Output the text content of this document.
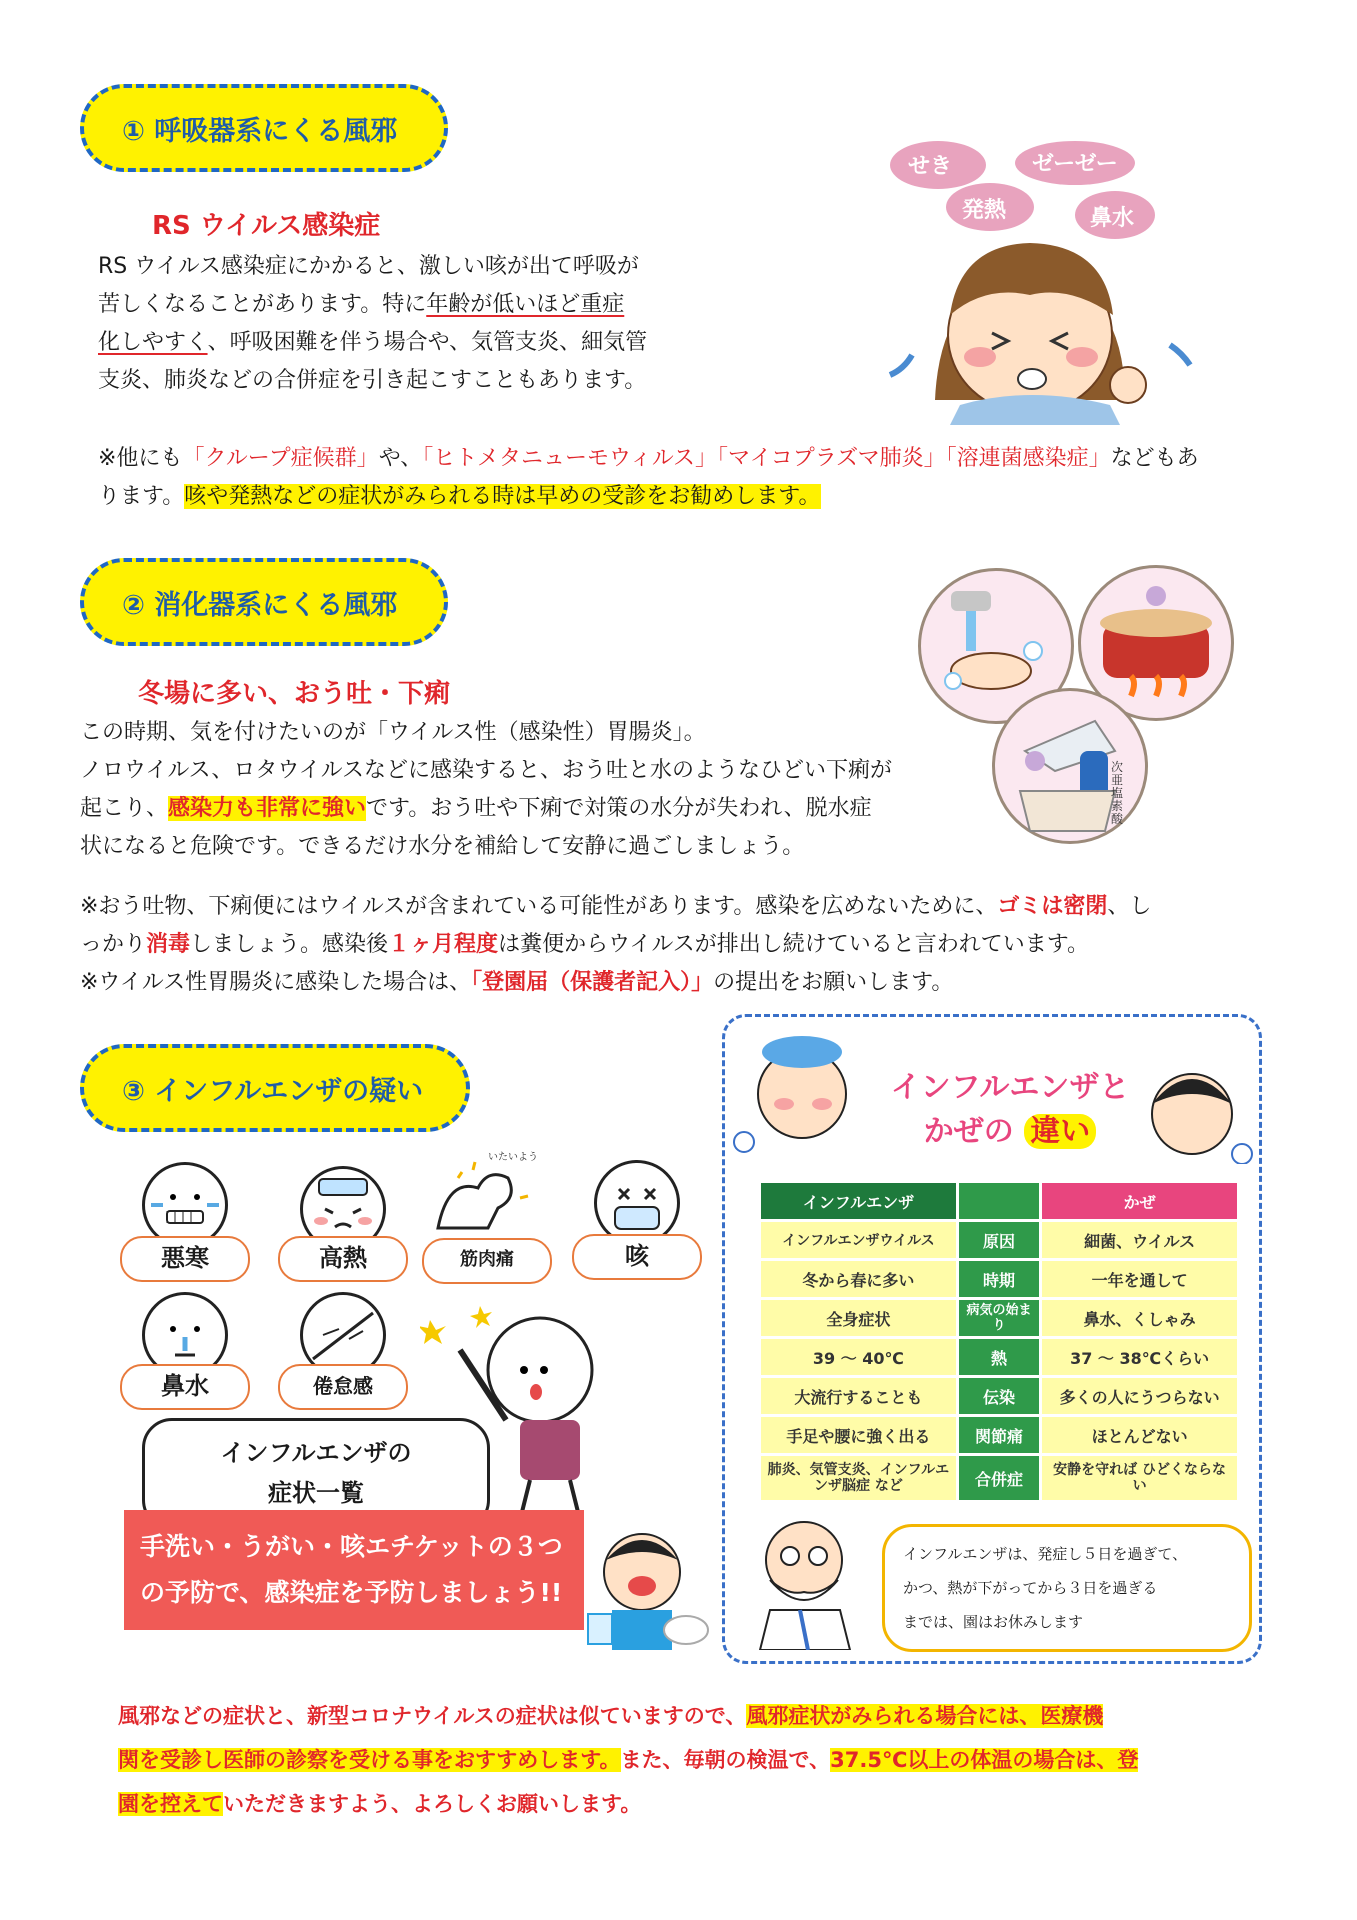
① 呼吸器系にくる風邪
RS ウイルス感染症
RS ウイルス感染症にかかると、激しい咳が出て呼吸が
苦しくなることがあります。特に年齢が低いほど重症
化しやすく、呼吸困難を伴う場合や、気管支炎、細気管
支炎、肺炎などの合併症を引き起こすこともあります。
せき	ゼーゼー
発熱	鼻水
※他にも「クループ症候群」や、「ヒトメタニューモウィルス」「マイコプラズマ肺炎」「溶連菌感染症」などもあ
ります。咳や発熱などの症状がみられる時は早めの受診をお勧めします。
② 消化器系にくる風邪
冬場に多い、おう吐・下痢
この時期、気を付けたいのが「ウイルス性（感染性）胃腸炎」。
ノロウイルス、ロタウイルスなどに感染すると、おう吐と水のようなひどい下痢が
起こり、感染力も非常に強いです。おう吐や下痢で対策の水分が失われ、脱水症
状になると危険です。できるだけ水分を補給して安静に過ごしましょう。
次亜塩素酸
※おう吐物、下痢便にはウイルスが含まれている可能性があります。感染を広めないために、ゴミは密閉、し
っかり消毒しましょう。感染後１ヶ月程度は糞便からウイルスが排出し続けていると言われています。
※ウイルス性胃腸炎に感染した場合は、「登園届（保護者記入）」の提出をお願いします。
③ インフルエンザの疑い
悪寒	高熱
いたいよう
筋肉痛	咳
鼻水	倦怠感
インフルエンザの
症状一覧
手洗い・うがい・咳エチケットの３つ
の予防で、感染症を予防しましょう!!
インフルエンザと
かぜの 違い
インフルエンザ		かぜ
インフルエンザウイルス	原因	細菌、ウイルス
冬から春に多い	時期	一年を通して
全身症状	病気の始まり	鼻水、くしゃみ
39 ～ 40℃	熱	37 ～ 38℃くらい
大流行することも	伝染	多くの人にうつらない
手足や腰に強く出る	関節痛	ほとんどない
肺炎、気管支炎、インフルエンザ脳症 など	合併症	安静を守れば ひどくならない
インフルエンザは、発症し５日を過ぎて、
かつ、熱が下がってから３日を過ぎる
までは、園はお休みします
風邪などの症状と、新型コロナウイルスの症状は似ていますので、風邪症状がみられる場合には、医療機
関を受診し医師の診察を受ける事をおすすめします。また、毎朝の検温で、37.5℃以上の体温の場合は、登
園を控えていただきますよう、よろしくお願いします。
